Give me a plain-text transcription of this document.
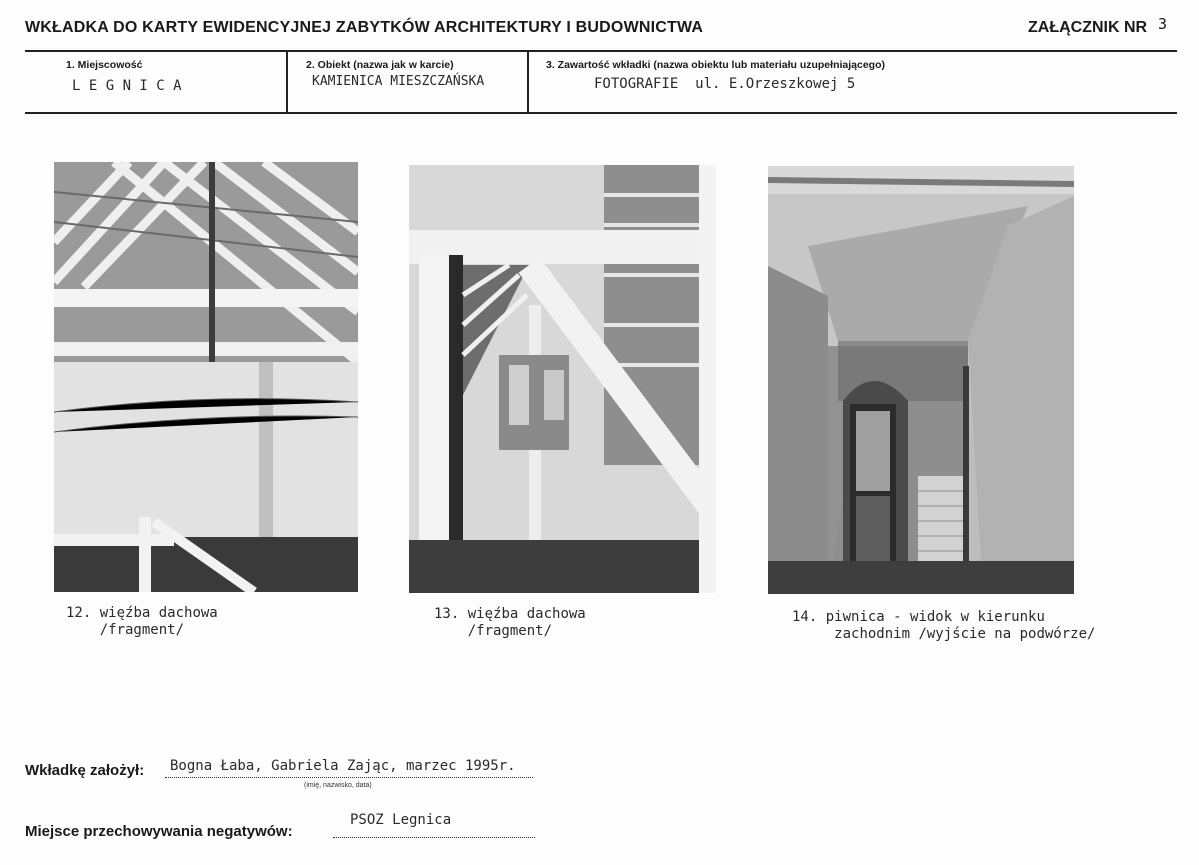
WKŁADKA DO KARTY EWIDENCYJNEJ ZABYTKÓW ARCHITEKTURY I BUDOWNICTWA	ZAŁĄCZNIK NR 3
1. Miejscowość
L E G N I C A
2. Obiekt (nazwa jak w karcie)
KAMIENICA MIESZCZAŃSKA
3. Zawartość wkładki (nazwa obiektu lub materiału uzupełniającego)
FOTOGRAFIE  ul. E.Orzeszkowej 5
12. więźba dachowa
/fragment/
13. więźba dachowa
/fragment/
14. piwnica - widok w kierunku
zachodnim /wyjście na podwórze/
Wkładkę założył: Bogna Łaba, Gabriela Zając, marzec 1995r.
(imię, nazwisko, data)
Miejsce przechowywania negatywów:
PSOZ Legnica
